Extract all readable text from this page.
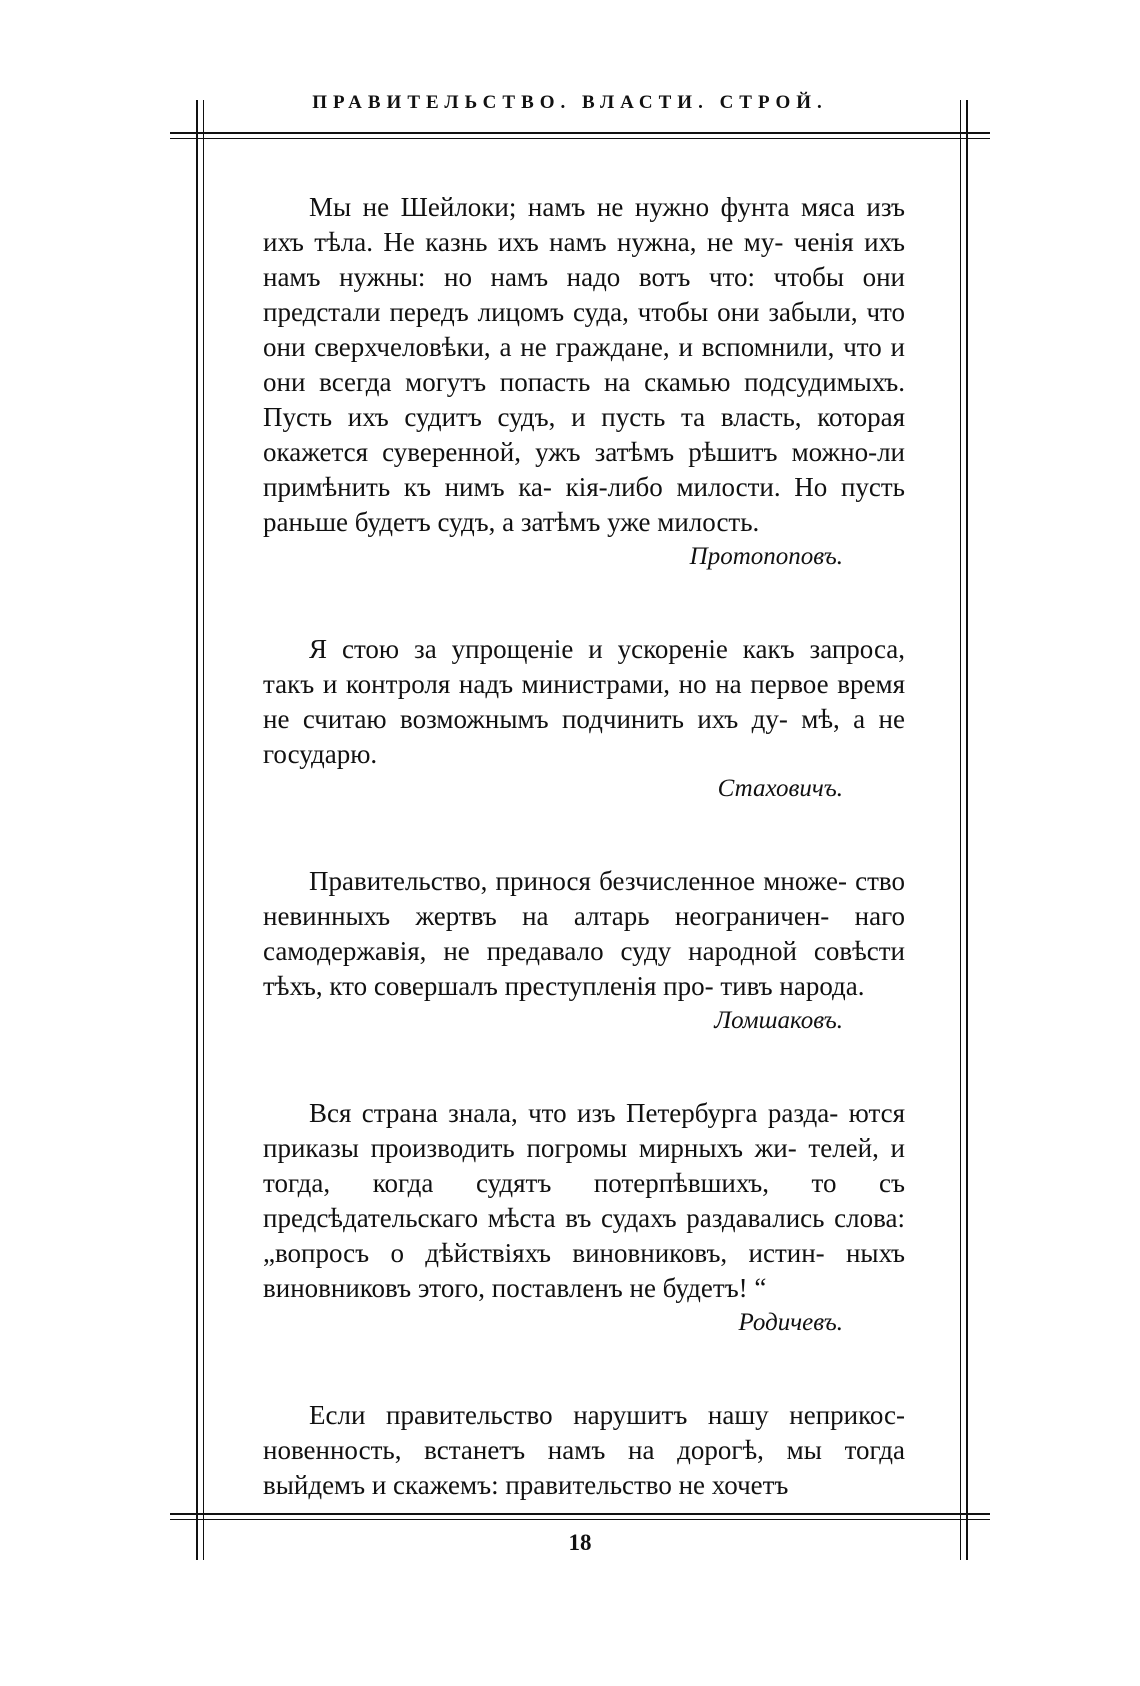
ПРАВИТЕЛЬСТВО. ВЛАСТИ. СТРОЙ.

Мы не Шейлоки; намъ не нужно фунта мяса изъ ихъ тѣла. Не казнь ихъ намъ нужна, не му- ченія ихъ намъ нужны: но намъ надо вотъ что: чтобы они предстали передъ лицомъ суда, чтобы они забыли, что они сверхчеловѣки, а не граждане, и вспомнили, что и они всегда могутъ попасть на скамью подсудимыхъ. Пусть ихъ судитъ судъ, и пусть та власть, которая окажется суверенной, ужъ затѣмъ рѣшитъ можно-ли примѣнить къ нимъ ка- кія-либо милости. Но пусть раньше будетъ судъ, а затѣмъ уже милость.

Протопоповъ.

Я стою за упрощеніе и ускореніе какъ запроса, такъ и контроля надъ министрами, но на первое время не считаю возможнымъ подчинить ихъ ду- мѣ, а не государю.

Стаховичъ.

Правительство, принося безчисленное множе- ство невинныхъ жертвъ на алтарь неограничен- наго самодержавія, не предавало суду народной совѣсти тѣхъ, кто совершалъ преступленія про- тивъ народа.

Ломшаковъ.

Вся страна знала, что изъ Петербурга разда- ются приказы производить погромы мирныхъ жи- телей, и тогда, когда судятъ потерпѣвшихъ, то съ предсѣдательскаго мѣста въ судахъ раздавались слова: „вопросъ о дѣйствіяхъ виновниковъ, истин- ныхъ виновниковъ этого, поставленъ не будетъ! “

Родичевъ.

Если правительство нарушитъ нашу неприкос- новенность, встанетъ намъ на дорогѣ, мы тогда выйдемъ и скажемъ: правительство не хочетъ

18
